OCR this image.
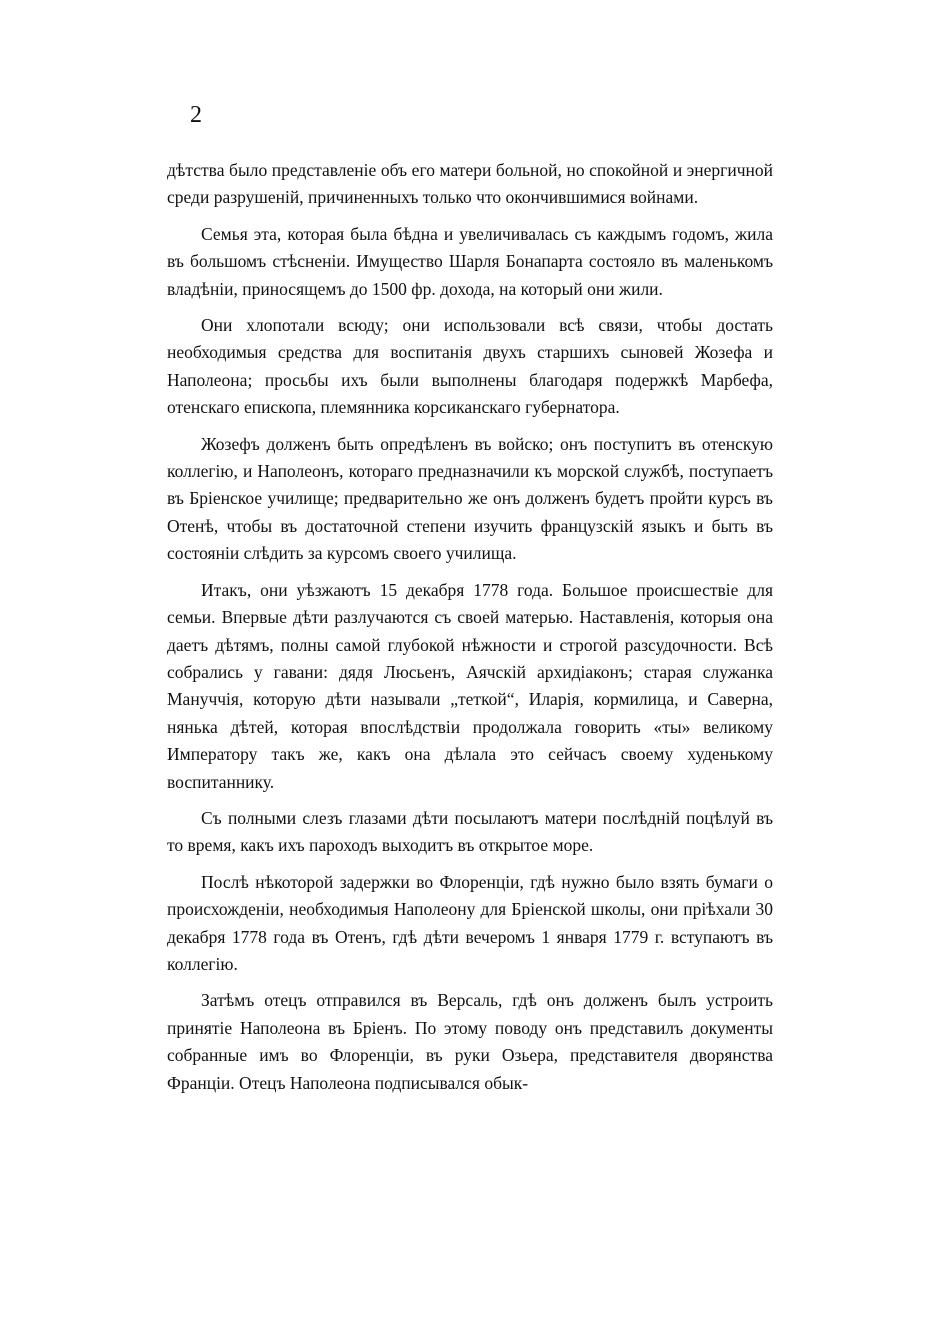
2

дѣтства было представленіе объ его матери больной, но спокойной и энергичной среди разрушеній, причиненныхъ только что окончившимися войнами.

Семья эта, которая была бѣдна и увеличивалась съ каждымъ годомъ, жила въ большомъ стѣсненіи. Имущество Шарля Бонапарта состояло въ маленькомъ владѣніи, приносящемъ до 1500 фр. дохода, на который они жили.

Они хлопотали всюду; они использовали всѣ связи, чтобы достать необходимыя средства для воспитанія двухъ старшихъ сыновей Жозефа и Наполеона; просьбы ихъ были выполнены благодаря подержкѣ Марбефа, отенскаго епископа, племянника корсиканскаго губернатора.

Жозефъ долженъ быть опредѣленъ въ войско; онъ поступитъ въ отенскую коллегію, и Наполеонъ, котораго предназначили къ морской службѣ, поступаетъ въ Бріенское училище; предварительно же онъ долженъ будетъ пройти курсъ въ Отенѣ, чтобы въ достаточной степени изучить французскій языкъ и быть въ состояніи слѣдить за курсомъ своего училища.

Итакъ, они уѣзжаютъ 15 декабря 1778 года. Большое происшествіе для семьи. Впервые дѣти разлучаются съ своей матерью. Наставленія, которыя она даетъ дѣтямъ, полны самой глубокой нѣжности и строгой разсудочности. Всѣ собрались у гавани: дядя Люсьенъ, Аячскій архидіаконъ; старая служанка Мануччія, которую дѣти называли „теткой“, Иларія, кормилица, и Саверна, нянька дѣтей, которая впослѣдствіи продолжала говорить «ты» великому Императору такъ же, какъ она дѣлала это сейчасъ своему худенькому воспитаннику.

Съ полными слезъ глазами дѣти посылаютъ матери послѣдній поцѣлуй въ то время, какъ ихъ пароходъ выходитъ въ открытое море.

Послѣ нѣкоторой задержки во Флоренціи, гдѣ нужно было взять бумаги о происхожденіи, необходимыя Наполеону для Бріенской школы, они пріѣхали 30 декабря 1778 года въ Отенъ, гдѣ дѣти вечеромъ 1 января 1779 г. вступаютъ въ коллегію.

Затѣмъ отецъ отправился въ Версаль, гдѣ онъ долженъ былъ устроить принятіе Наполеона въ Бріенъ. По этому поводу онъ представилъ документы собранные имъ во Флоренціи, въ руки Озьера, представителя дворянства Франціи. Отецъ Наполеона подписывался обык-
